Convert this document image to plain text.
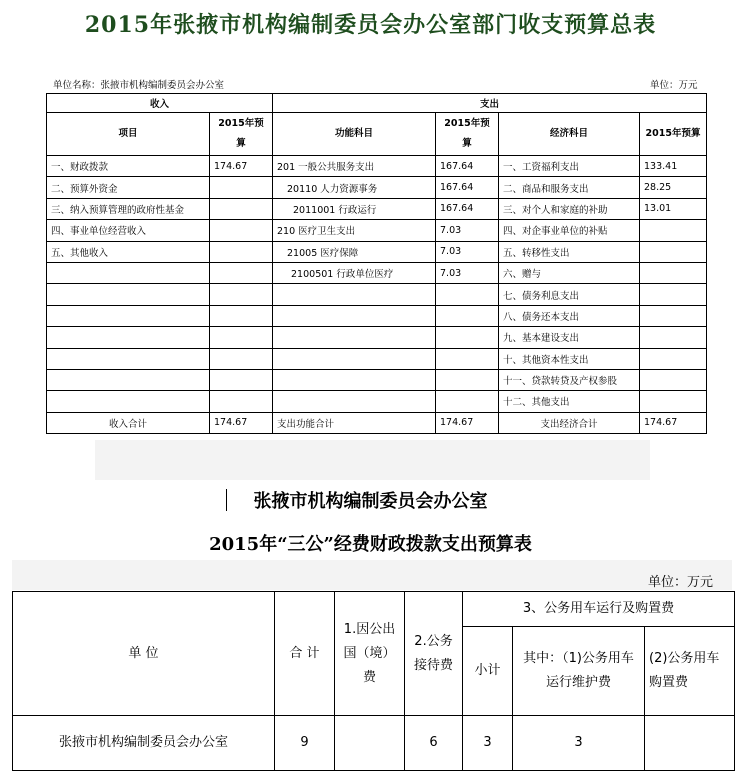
2015年张掖市机构编制委员会办公室部门收支预算总表
单位名称：张掖市机构编制委员会办公室	单位：万元
收入		支出			
项目	2015年预算	功能科目	2015年预算	经济科目	2015年预算
一、财政拨款	174.67	201 一般公共服务支出	167.64	一、工资福利支出	133.41
二、预算外资金		20110 人力资源事务	167.64	二、商品和服务支出	28.25
三、纳入预算管理的政府性基金		2011001 行政运行	167.64	三、对个人和家庭的补助	13.01
四、事业单位经营收入		210 医疗卫生支出	7.03	四、对企事业单位的补贴	
五、其他收入		21005 医疗保障	7.03	五、转移性支出	
		2100501 行政单位医疗	7.03	六、赠与	
				七、债务利息支出	
				八、债务还本支出	
				九、基本建设支出	
				十、其他资本性支出	
				十一、贷款转贷及产权参股	
				十二、其他支出	
收入合计	174.67	支出功能合计	174.67	支出经济合计	174.67
张掖市机构编制委员会办公室
2015年“三公”经费财政拨款支出预算表
单位：万元
单 位	合 计	1.因公出国（境）费	2.公务接待费	3、公务用车运行及购置费		
				小计	其中：（1)公务用车运行维护费	(2)公务用车购置费
张掖市机构编制委员会办公室	9		6	3	3	
